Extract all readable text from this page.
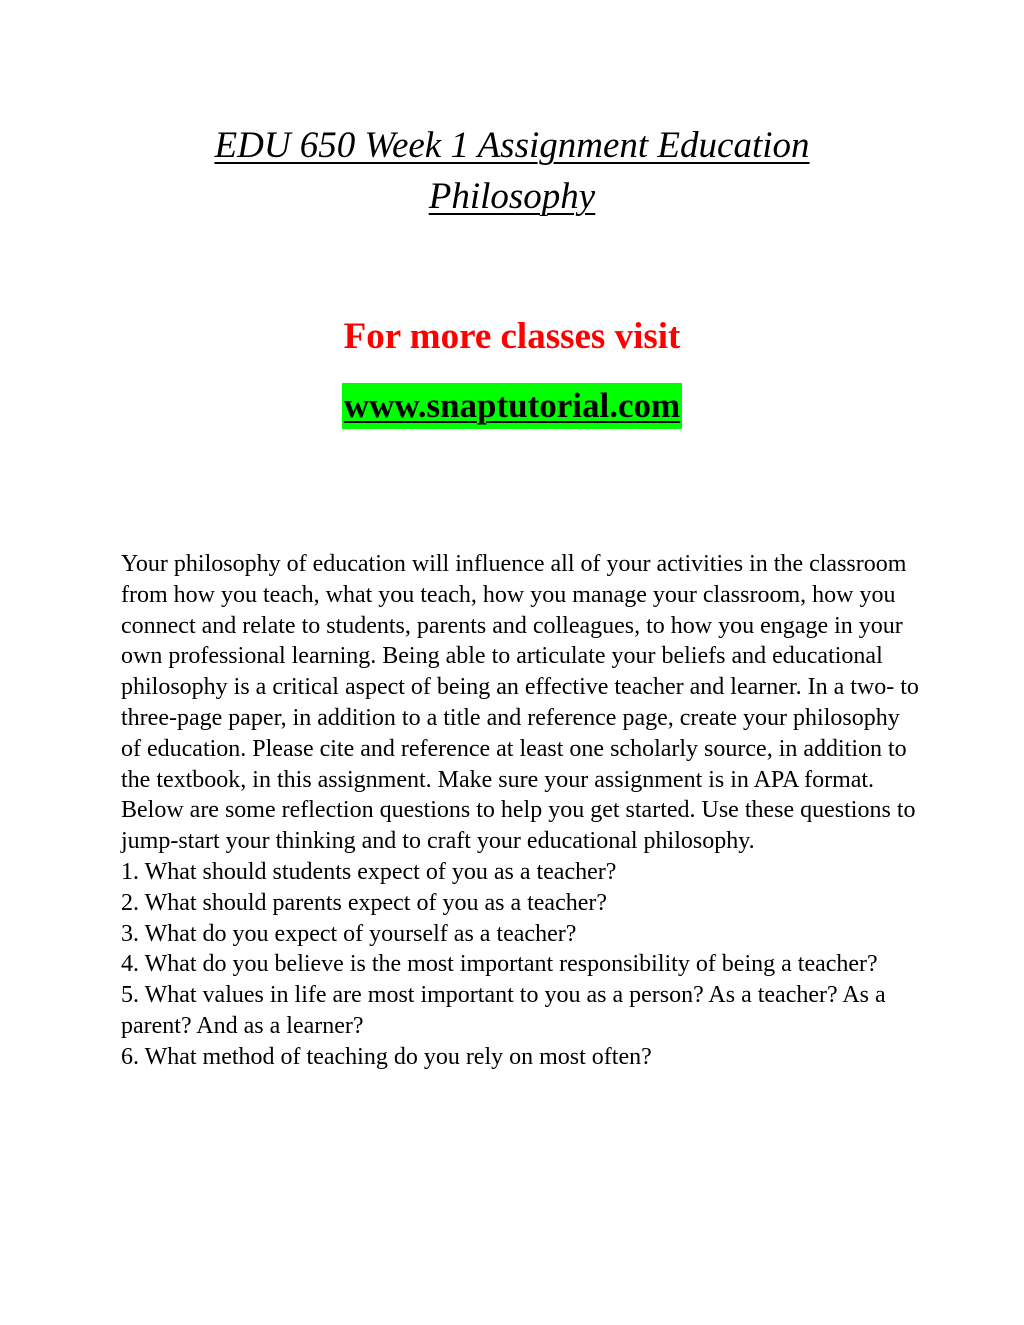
EDU 650 Week 1 Assignment Education
Philosophy
For more classes visit
www.snaptutorial.com

Your philosophy of education will influence all of your activities in the classroom from how you teach, what you teach, how you manage your classroom, how you connect and relate to students, parents and colleagues, to how you engage in your own professional learning. Being able to articulate your beliefs and educational philosophy is a critical aspect of being an effective teacher and learner. In a two- to three-page paper, in addition to a title and reference page, create your philosophy of education. Please cite and reference at least one scholarly source, in addition to the textbook, in this assignment. Make sure your assignment is in APA format.

Below are some reflection questions to help you get started. Use these questions to jump-start your thinking and to craft your educational philosophy.

1. What should students expect of you as a teacher?

2. What should parents expect of you as a teacher?

3. What do you expect of yourself as a teacher?

4. What do you believe is the most important responsibility of being a teacher?

5. What values in life are most important to you as a person? As a teacher? As a parent? And as a learner?

6. What method of teaching do you rely on most often?
